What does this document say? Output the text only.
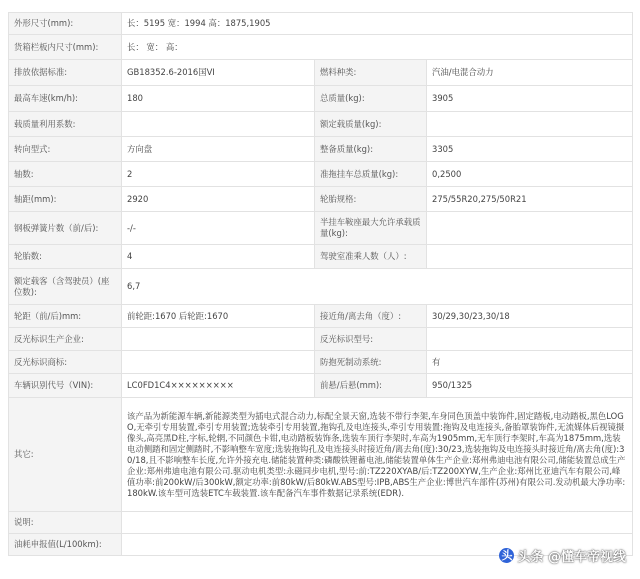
外形尺寸(mm):	长：5195 宽：1994 高：1875,1905		
货箱栏板内尺寸(mm):	长： 宽： 高：		
排放依据标准:	GB18352.6-2016国VI	燃料种类:	汽油/电混合动力
最高车速(km/h):	180	总质量(kg):	3905
载质量利用系数:		额定载质量(kg):	
转向型式:	方向盘	整备质量(kg):	3305
轴数:	2	准拖挂车总质量(kg):	0,2500
轴距(mm):	2920	轮胎规格:	275/55R20,275/50R21
钢板弹簧片数（前/后):	-/-	半挂车鞍座最大允许承载质量(kg):	
轮胎数:	4	驾驶室准乘人数（人）:	
额定载客（含驾驶员）(座位数):	6,7		
轮距（前/后)mm:	前轮距:1670 后轮距:1670	接近角/离去角（度）:	30/29,30/23,30/18
反光标识生产企业:		反光标识型号:	
反光标识商标:		防抱死制动系统:	有
车辆识别代号（VIN):	LC0FD1C4×××××××××	前悬/后悬(mm):	950/1325
其它:	该产品为新能源车辆,新能源类型为插电式混合动力,标配全景天窗,选装不带行李架,车身同色顶盖中装饰件,固定踏板,电动踏板,黑色LOGO,无牵引专用装置,牵引专用装置;选装牵引专用装置,拖钩孔及电连接头,牵引专用装置:拖钩及电连接头,备胎罩装饰件,无流媒体后视镜摄像头,高亮黑D柱,字标,轮辋,不同颜色卡钳,电动踏板装饰条,选装车顶行李架时,车高为1905mm,无车顶行李架时,车高为1875mm,选装电动侧踏和固定侧踏时,不影响整车宽度;选装拖钩孔及电连接头时接近角/离去角(度):30/23,选装拖钩及电连接头时接近角/离去角(度):30/18,且不影响整车长度,允许外接充电.储能装置种类:磷酸铁锂蓄电池,储能装置单体生产企业:郑州弗迪电池有限公司,储能装置总成生产企业:郑州弗迪电池有限公司.驱动电机类型:永磁同步电机,型号:前:TZ220XYAB/后:TZ200XYW,生产企业:郑州比亚迪汽车有限公司,峰值功率:前200kW/后300kW,额定功率:前80kW/后80kW.ABS型号:IPB,ABS生产企业:博世汽车部件(苏州)有限公司.发动机最大净功率:180kW.该车型可选装ETC车载装置.该车配备汽车事件数据记录系统(EDR).		
说明:			
油耗申报值(L/100km):			
头 头条 @懂车帝视线
